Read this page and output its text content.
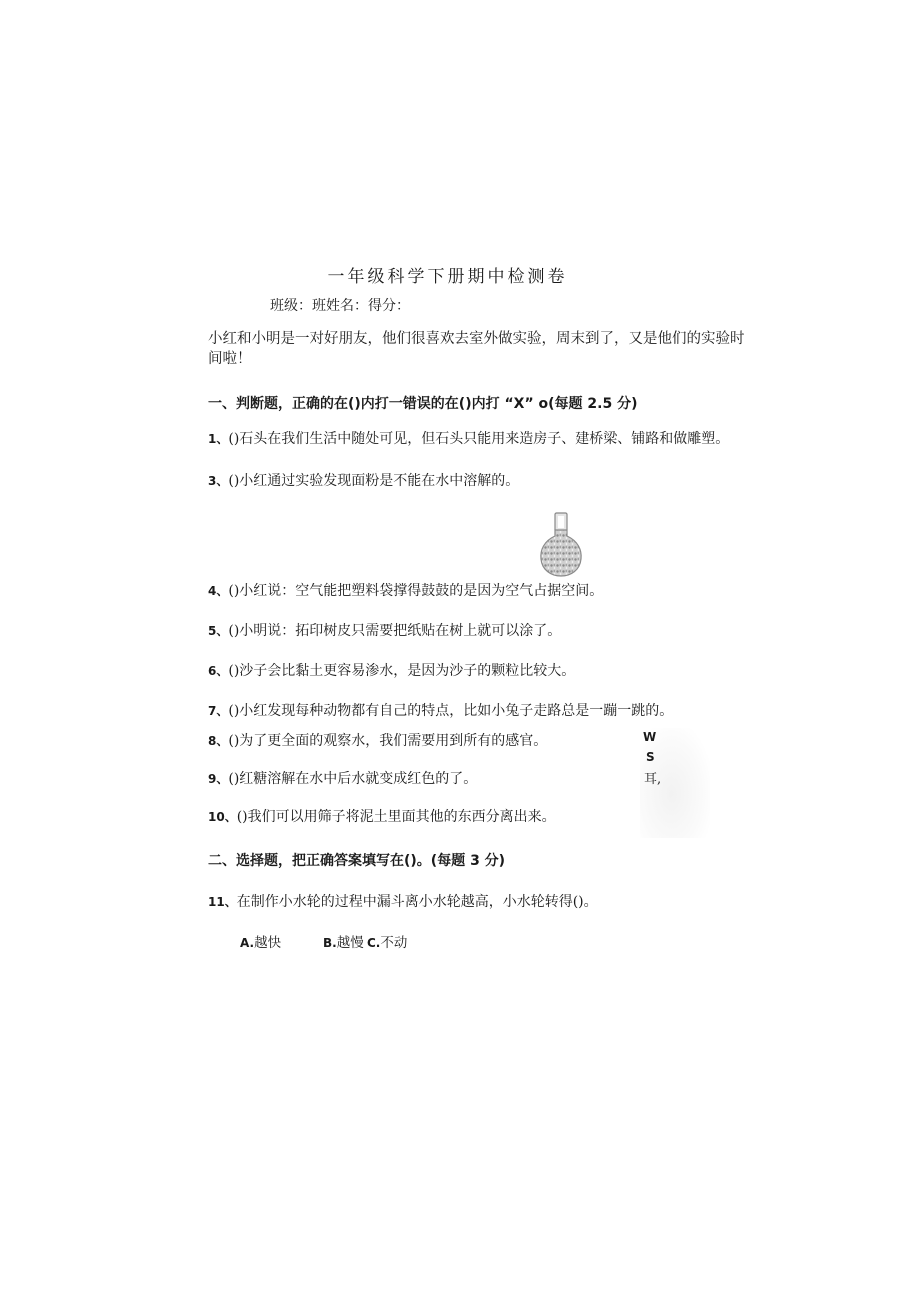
一年级科学下册期中检测卷
班级：班姓名：得分：
小红和小明是一对好朋友，他们很喜欢去室外做实验，周末到了，又是他们的实验时间啦！
一、判断题，正确的在()内打一错误的在()内打 “X” o(每题 2.5 分)
1、()石头在我们生活中随处可见，但石头只能用来造房子、建桥梁、铺路和做雕塑。
3、()小红通过实验发现面粉是不能在水中溶解的。
4、()小红说：空气能把塑料袋撑得鼓鼓的是因为空气占据空间。
5、()小明说：拓印树皮只需要把纸贴在树上就可以涂了。
6、()沙子会比黏土更容易渗水，是因为沙子的颗粒比较大。
7、()小红发现每种动物都有自己的特点，比如小兔子走路总是一蹦一跳的。
8、()为了更全面的观察水，我们需要用到所有的感官。
9、()红糖溶解在水中后水就变成红色的了。
10、()我们可以用筛子将泥土里面其他的东西分离出来。
W
S
耳,
二、选择题，把正确答案填写在()。(每题 3 分)
11、在制作小水轮的过程中漏斗离小水轮越高，小水轮转得()。
A.越快	B.越慢 C.不动
